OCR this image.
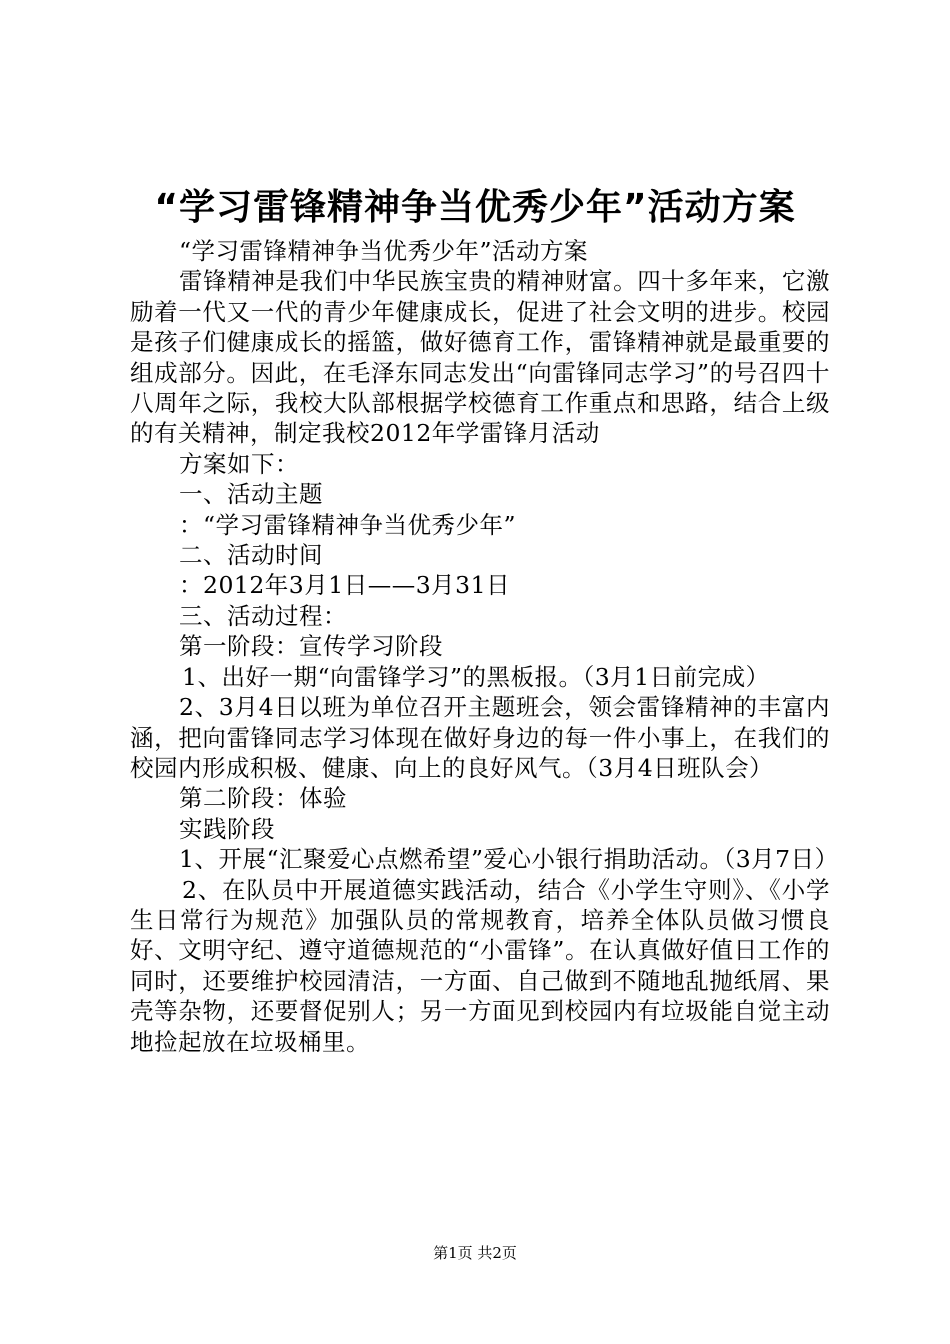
“学习雷锋精神争当优秀少年”活动方案

“学习雷锋精神争当优秀少年”活动方案

雷锋精神是我们中华民族宝贵的精神财富。四十多年来，它激励着一代又一代的青少年健康成长，促进了社会文明的进步。校园是孩子们健康成长的摇篮，做好德育工作，雷锋精神就是最重要的组成部分。因此，在毛泽东同志发出“向雷锋同志学习”的号召四十八周年之际，我校大队部根据学校德育工作重点和思路，结合上级的有关精神，制定我校2012年学雷锋月活动

方案如下：

一、活动主题

：“学习雷锋精神争当优秀少年”

二、活动时间

：2012年3月1日——3月31日

三、活动过程：

第一阶段：宣传学习阶段

1、出好一期“向雷锋学习”的黑板报。（3月1日前完成）

2、3月4日以班为单位召开主题班会，领会雷锋精神的丰富内涵，把向雷锋同志学习体现在做好身边的每一件小事上，在我们的校园内形成积极、健康、向上的良好风气。（3月4日班队会）

第二阶段：体验

实践阶段

1、开展“汇聚爱心点燃希望”爱心小银行捐助活动。（3月7日）

2、在队员中开展道德实践活动，结合《小学生守则》、《小学生日常行为规范》加强队员的常规教育，培养全体队员做习惯良好、文明守纪、遵守道德规范的“小雷锋”。在认真做好值日工作的同时，还要维护校园清洁，一方面、自己做到不随地乱抛纸屑、果壳等杂物，还要督促别人；另一方面见到校园内有垃圾能自觉主动地捡起放在垃圾桶里。

第1页 共2页
